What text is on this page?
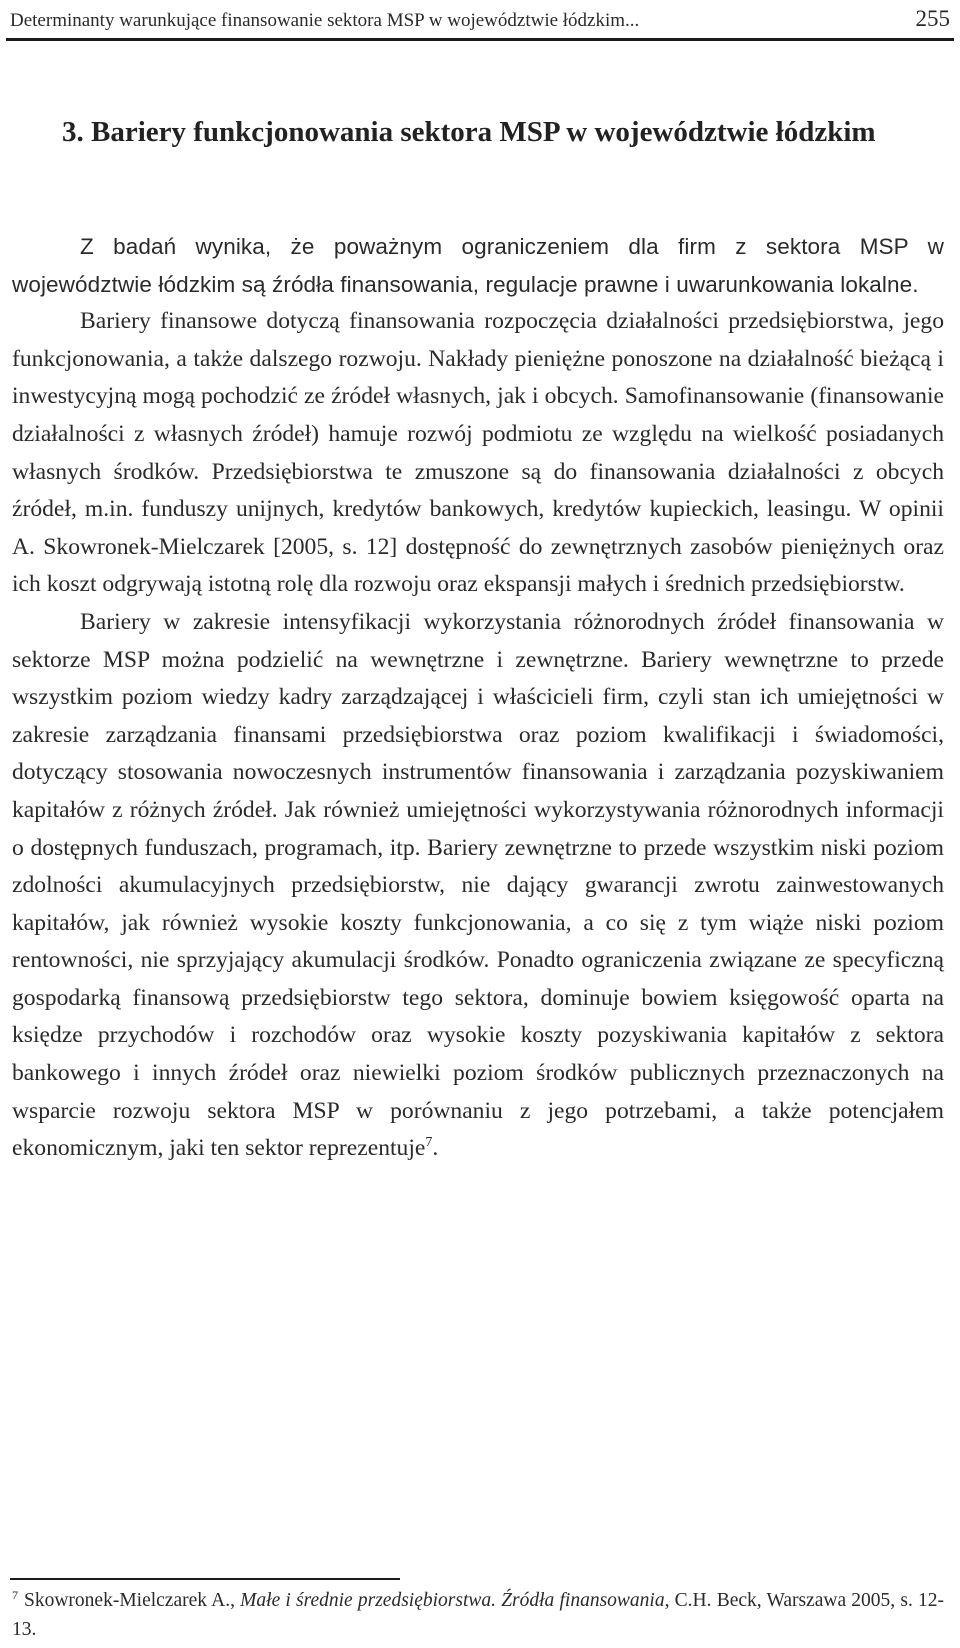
Determinanty warunkujące finansowanie sektora MSP w województwie łódzkim...	255
3. Bariery funkcjonowania sektora MSP w województwie łódzkim

Z badań wynika, że poważnym ograniczeniem dla firm z sektora MSP w województwie łódzkim są źródła finansowania, regulacje prawne i uwarunkowania lokalne.

Bariery finansowe dotyczą finansowania rozpoczęcia działalności przedsiębiorstwa, jego funkcjonowania, a także dalszego rozwoju. Nakłady pieniężne ponoszone na działalność bieżącą i inwestycyjną mogą pochodzić ze źródeł własnych, jak i obcych. Samofinansowanie (finansowanie działalności z własnych źródeł) hamuje rozwój podmiotu ze względu na wielkość posiadanych własnych środków. Przedsiębiorstwa te zmuszone są do finansowania działalności z obcych źródeł, m.in. funduszy unijnych, kredytów bankowych, kredytów kupieckich, leasingu. W opinii A. Skowronek-Mielczarek [2005, s. 12] dostępność do zewnętrznych zasobów pieniężnych oraz ich koszt odgrywają istotną rolę dla rozwoju oraz ekspansji małych i średnich przedsiębiorstw.

Bariery w zakresie intensyfikacji wykorzystania różnorodnych źródeł finansowania w sektorze MSP można podzielić na wewnętrzne i zewnętrzne. Bariery wewnętrzne to przede wszystkim poziom wiedzy kadry zarządzającej i właścicieli firm, czyli stan ich umiejętności w zakresie zarządzania finansami przedsiębiorstwa oraz poziom kwalifikacji i świadomości, dotyczący stosowania nowoczesnych instrumentów finansowania i zarządzania pozyskiwaniem kapitałów z różnych źródeł. Jak również umiejętności wykorzystywania różnorodnych informacji o dostępnych funduszach, programach, itp. Bariery zewnętrzne to przede wszystkim niski poziom zdolności akumulacyjnych przedsiębiorstw, nie dający gwarancji zwrotu zainwestowanych kapitałów, jak również wysokie koszty funkcjonowania, a co się z tym wiąże niski poziom rentowności, nie sprzyjający akumulacji środków. Ponadto ograniczenia związane ze specyficzną gospodarką finansową przedsiębiorstw tego sektora, dominuje bowiem księgowość oparta na księdze przychodów i rozchodów oraz wysokie koszty pozyskiwania kapitałów z sektora bankowego i innych źródeł oraz niewielki poziom środków publicznych przeznaczonych na wsparcie rozwoju sektora MSP w porównaniu z jego potrzebami, a także potencjałem ekonomicznym, jaki ten sektor reprezentuje$^7$.

$^7$ Skowronek-Mielczarek A., Małe i średnie przedsiębiorstwa. Źródła finansowania, C.H. Beck, Warszawa 2005, s. 12-13.
